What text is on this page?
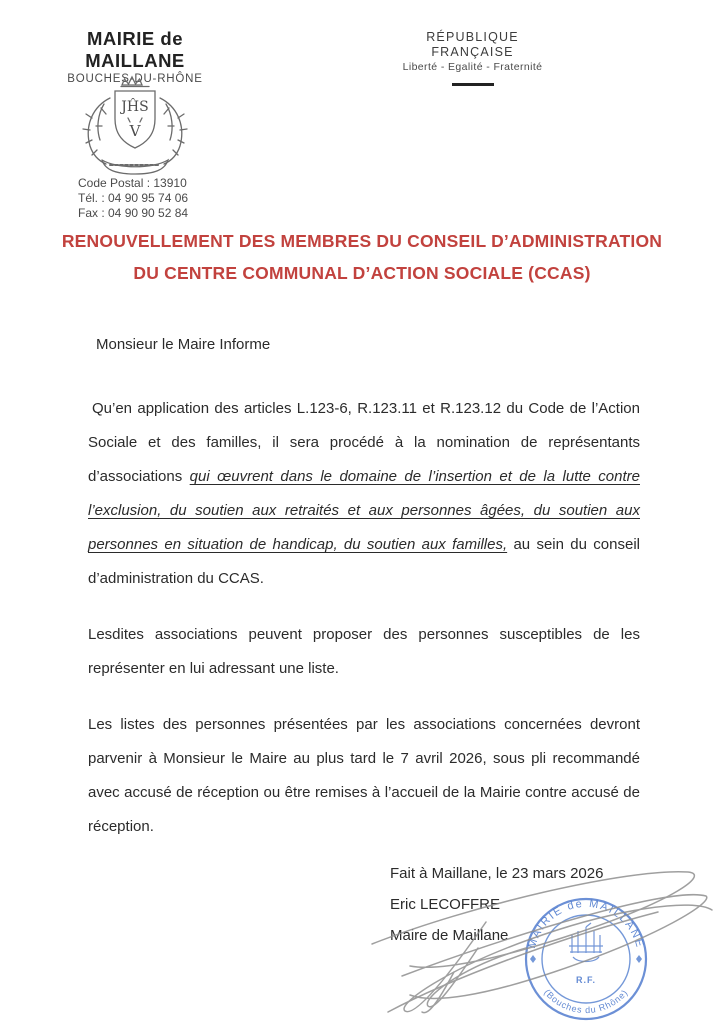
MAIRIE de MAILLANE
BOUCHES-DU-RHÔNE
JĤS
V
Code Postal : 13910
Tél. : 04 90 95 74 06
Fax : 04 90 90 52 84
RÉPUBLIQUE FRANÇAISE
Liberté - Egalité - Fraternité
RENOUVELLEMENT DES MEMBRES DU CONSEIL D’ADMINISTRATION
DU CENTRE COMMUNAL D’ACTION SOCIALE (CCAS)
Monsieur le Maire Informe

Qu’en application des articles L.123-6, R.123.11 et R.123.12 du Code de l’Action Sociale et des familles, il sera procédé à la nomination de représentants d’associations qui œuvrent dans le domaine de l’insertion et de la lutte contre l’exclusion, du soutien aux retraités et aux personnes âgées, du soutien aux personnes en situation de handicap, du soutien aux familles, au sein du conseil d’administration du CCAS.

Lesdites associations peuvent proposer des personnes susceptibles de les représenter en lui adressant une liste.

Les listes des personnes présentées par les associations concernées devront parvenir à Monsieur le Maire au plus tard le 7 avril 2026, sous pli recommandé avec accusé de réception ou être remises à l’accueil de la Mairie contre accusé de réception.

Fait à Maillane, le 23 mars 2026
Eric LECOFFRE
Maire de Maillane	MAIRIE de MAILLANE
(Bouches du Rhône)
R.F.
